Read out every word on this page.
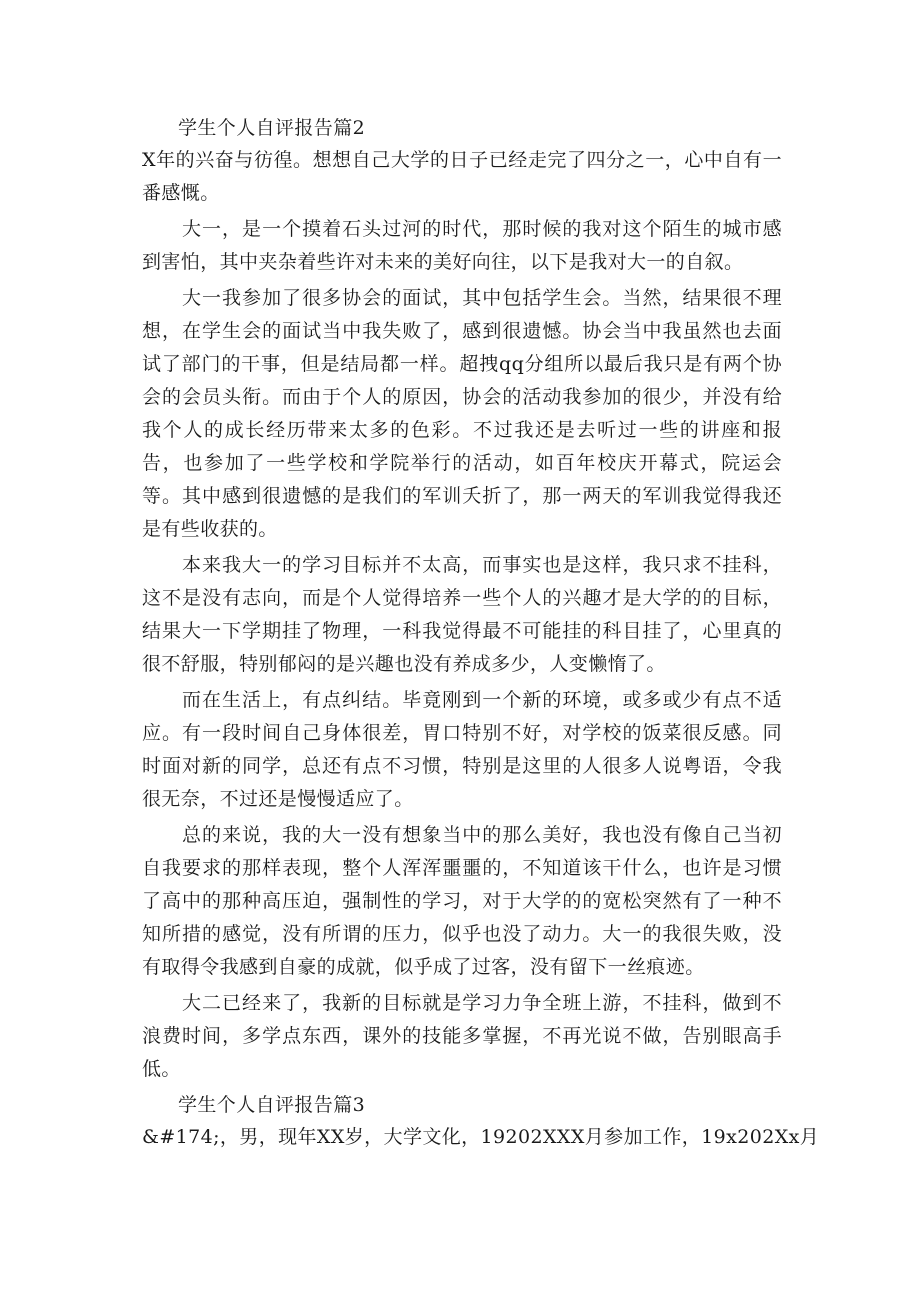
学生个人自评报告篇2

X年的兴奋与彷徨。想想自己大学的日子已经走完了四分之一，心中自有一番感慨。

大一，是一个摸着石头过河的时代，那时候的我对这个陌生的城市感到害怕，其中夹杂着些许对未来的美好向往，以下是我对大一的自叙。

大一我参加了很多协会的面试，其中包括学生会。当然，结果很不理想，在学生会的面试当中我失败了，感到很遗憾。协会当中我虽然也去面试了部门的干事，但是结局都一样。超拽qq分组所以最后我只是有两个协会的会员头衔。而由于个人的原因，协会的活动我参加的很少，并没有给我个人的成长经历带来太多的色彩。不过我还是去听过一些的讲座和报告，也参加了一些学校和学院举行的活动，如百年校庆开幕式，院运会等。其中感到很遗憾的是我们的军训夭折了，那一两天的军训我觉得我还是有些收获的。

本来我大一的学习目标并不太高，而事实也是这样，我只求不挂科，这不是没有志向，而是个人觉得培养一些个人的兴趣才是大学的的目标，结果大一下学期挂了物理，一科我觉得最不可能挂的科目挂了，心里真的很不舒服，特别郁闷的是兴趣也没有养成多少，人变懒惰了。

而在生活上，有点纠结。毕竟刚到一个新的环境，或多或少有点不适应。有一段时间自己身体很差，胃口特别不好，对学校的饭菜很反感。同时面对新的同学，总还有点不习惯，特别是这里的人很多人说粤语，令我很无奈，不过还是慢慢适应了。

总的来说，我的大一没有想象当中的那么美好，我也没有像自己当初自我要求的那样表现，整个人浑浑噩噩的，不知道该干什么，也许是习惯了高中的那种高压迫，强制性的学习，对于大学的的宽松突然有了一种不知所措的感觉，没有所谓的压力，似乎也没了动力。大一的我很失败，没有取得令我感到自豪的成就，似乎成了过客，没有留下一丝痕迹。

大二已经来了，我新的目标就是学习力争全班上游，不挂科，做到不浪费时间，多学点东西，课外的技能多掌握，不再光说不做，告别眼高手低。

学生个人自评报告篇3

&#174;，男，现年XX岁，大学文化，19202XXX月参加工作，19x202Xx月
